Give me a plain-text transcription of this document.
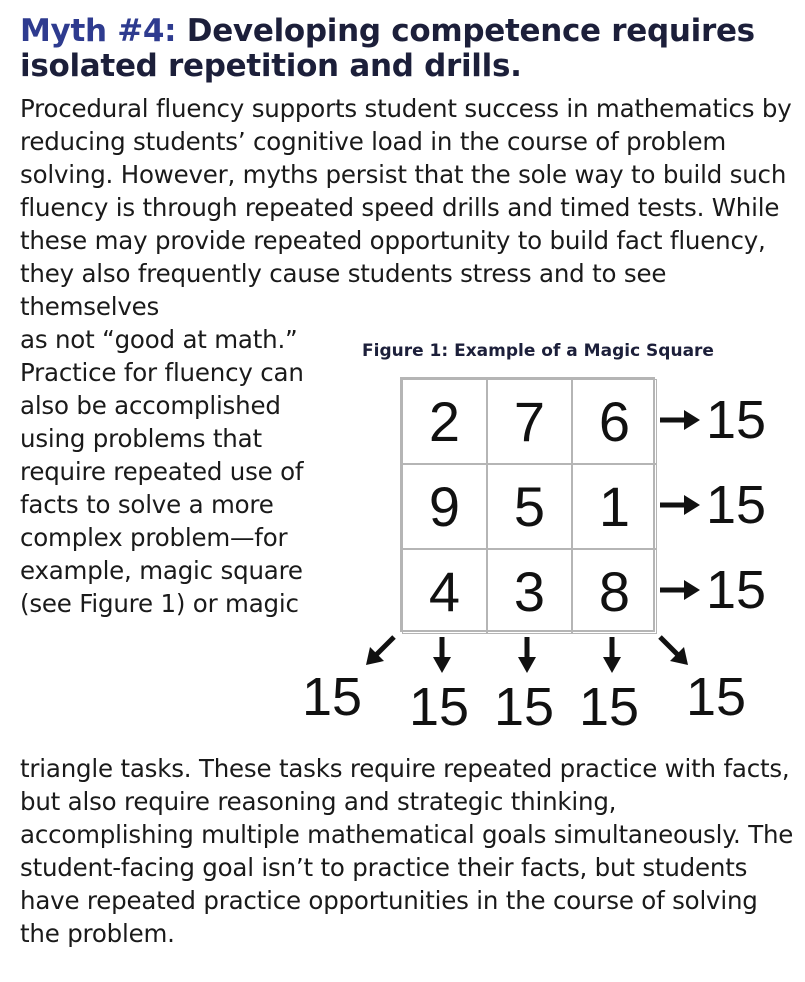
Myth #4: Developing competence requires isolated repetition and drills.

Procedural fluency supports student success in mathematics by reducing students’ cognitive load in the course of problem solving. However, myths persist that the sole way to build such fluency is through repeated speed drills and timed tests. While these may provide repeated opportunity to build fact fluency, they also frequently cause students stress and to see themselves

as not “good at math.” Practice for fluency can also be accomplished using problems that require repeated use of facts to solve a more complex problem—for example, magic square (see Figure 1) or magic

Figure 1: Example of a Magic Square
2 7 6
9 5 1
4 3 8
15
15
15
15 15 15 15 15

triangle tasks. These tasks require repeated practice with facts, but also require reasoning and strategic thinking, accomplishing multiple mathematical goals simultaneously. The student-facing goal isn’t to practice their facts, but students have repeated practice opportunities in the course of solving the problem.
